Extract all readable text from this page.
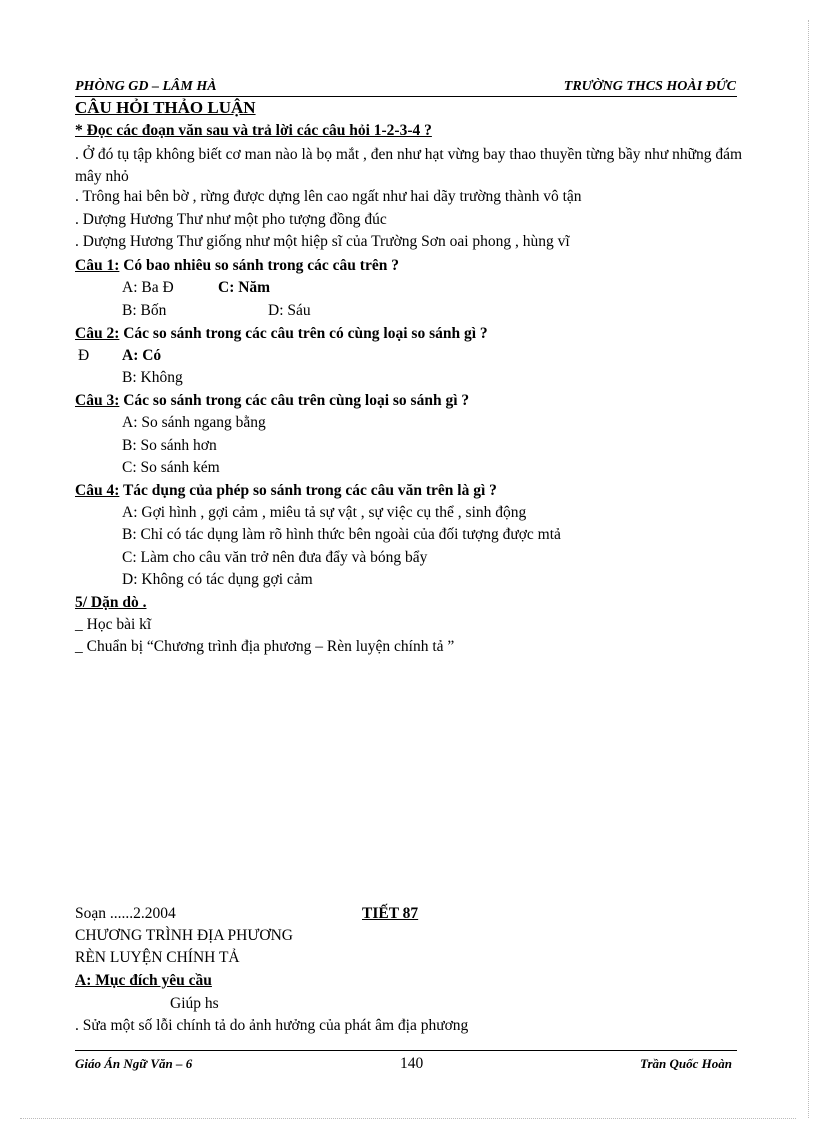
PHÒNG GD – LÂM HÀ	TRƯỜNG THCS HOÀI ĐỨC
CÂU HỎI THẢO LUẬN
* Đọc các đoạn văn sau và trả lời các câu hỏi 1-2-3-4 ?
. Ở đó tụ tập không biết cơ man nào là bọ mắt , đen như hạt vừng bay thao thuyền từng bầy như những đám mây nhỏ
. Trông hai bên bờ , rừng được dựng lên cao ngất như hai dãy trường thành vô tận
. Dượng Hương Thư như một pho tượng đồng đúc
. Dượng Hương Thư giống như một hiệp sĩ của Trường Sơn oai phong , hùng vĩ
Câu 1: Có bao nhiêu so sánh trong các câu trên ?
A: Ba Đ	C: Năm
B: Bốn	D: Sáu
Câu 2: Các so sánh trong các câu trên có cùng loại so sánh gì ?
Đ A: Có
B: Không
Câu 3: Các so sánh trong các câu trên cùng loại so sánh gì ?
A: So sánh ngang bằng
B: So sánh hơn
C: So sánh kém
Câu 4: Tác dụng của phép so sánh trong các câu văn trên là gì ?
A: Gợi hình , gợi cảm , miêu tả sự vật , sự việc cụ thể , sinh động
B: Chỉ có tác dụng làm rõ hình thức bên ngoài của đối tượng được mtả
C: Làm cho câu văn trở nên đưa đẩy và bóng bẩy
D: Không có tác dụng gợi cảm
5/ Dặn dò .
_ Học bài kĩ
_ Chuẩn bị “Chương trình địa phương – Rèn luyện chính tả ”
Soạn ......2.2004	TIẾT 87
CHƯƠNG TRÌNH ĐỊA PHƯƠNG
RÈN LUYỆN CHÍNH TẢ
A: Mục đích yêu cầu
Giúp hs
. Sửa một số lỗi chính tả do ảnh hưởng của phát âm địa phương
Giáo Án Ngữ Văn – 6	140	Trần Quốc Hoàn
